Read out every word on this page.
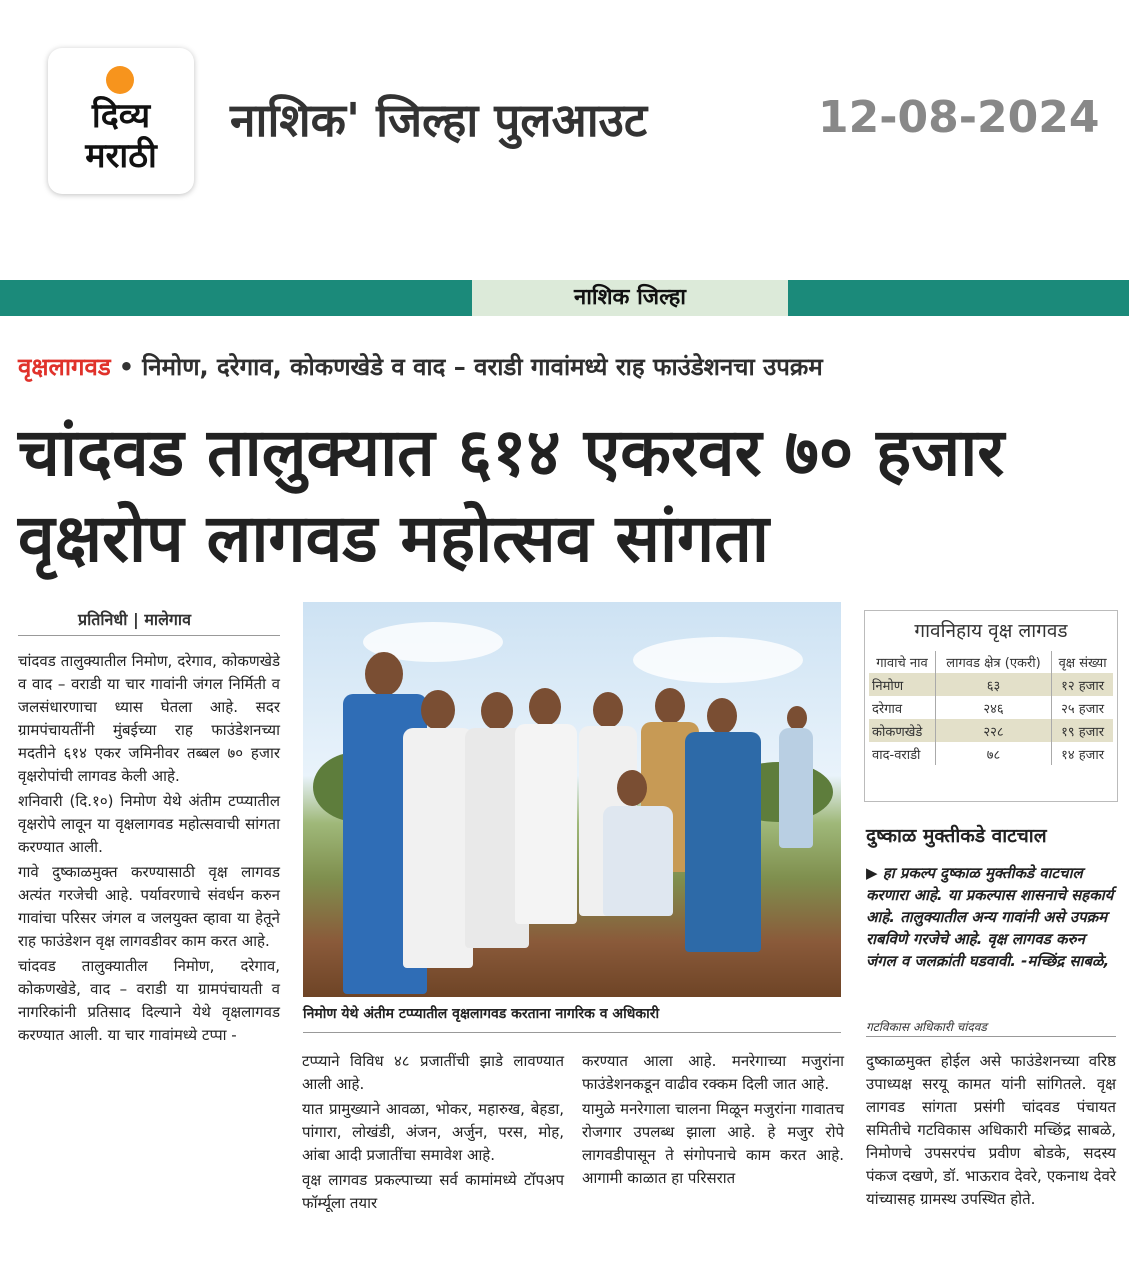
दिव्य
मराठी
नाशिक' जिल्हा पुलआउट	12-08-2024
नाशिक जिल्हा
वृक्षलागवड • निमोण, दरेगाव, कोकणखेडे व वाद – वराडी गावांमध्ये राह फाउंडेशनचा उपक्रम
चांदवड तालुक्यात ६१४ एकरवर ७० हजार वृक्षरोप लागवड महोत्सव सांगता
प्रतिनिधी | मालेगाव

चांदवड तालुक्यातील निमोण, दरेगाव, कोकणखेडे व वाद – वराडी या चार गावांनी जंगल निर्मिती व जलसंधारणाचा ध्यास घेतला आहे. सदर ग्रामपंचायतींनी मुंबईच्या राह फाउंडेशनच्या मदतीने ६१४ एकर जमिनीवर तब्बल ७० हजार वृक्षरोपांची लागवड केली आहे.

शनिवारी (दि.१०) निमोण येथे अंतीम टप्प्यातील वृक्षरोपे लावून या वृक्षलागवड महोत्सवाची सांगता करण्यात आली.

गावे दुष्काळमुक्त करण्यासाठी वृक्ष लागवड अत्यंत गरजेची आहे. पर्यावरणाचे संवर्धन करुन गावांचा परिसर जंगल व जलयुक्त व्हावा या हेतूने राह फाउंडेशन वृक्ष लागवडीवर काम करत आहे.

चांदवड तालुक्यातील निमोण, दरेगाव, कोकणखेडे, वाद – वराडी या ग्रामपंचायती व नागरिकांनी प्रतिसाद दिल्याने येथे वृक्षलागवड करण्यात आली. या चार गावांमध्ये टप्पा -

निमोण येथे अंतीम टप्प्यातील वृक्षलागवड करताना नागरिक व अधिकारी
गावनिहाय वृक्ष लागवड
गावाचे नाव	लागवड क्षेत्र (एकरी)	वृक्ष संख्या
निमोण	६३	१२ हजार
दरेगाव	२४६	२५ हजार
कोकणखेडे	२२८	१९ हजार
वाद-वराडी	७८	१४ हजार
दुष्काळ मुक्तीकडे वाटचाल
▶ हा प्रकल्प दुष्काळ मुक्तीकडे वाटचाल करणारा आहे. या प्रकल्पास शासनाचे सहकार्य आहे. तालुक्यातील अन्य गावांनी असे उपक्रम राबविणे गरजेचे आहे. वृक्ष लागवड करुन जंगल व जलक्रांती घडवावी. -मच्छिंद्र साबळे,
गटविकास अधिकारी चांदवड

टप्प्याने विविध ४८ प्रजातींची झाडे लावण्यात आली आहे.

यात प्रामुख्याने आवळा, भोकर, महारुख, बेहडा, पांगारा, लोखंडी, अंजन, अर्जुन, परस, मोह, आंबा आदी प्रजातींचा समावेश आहे.

वृक्ष लागवड प्रकल्पाच्या सर्व कामांमध्ये टॉपअप फॉर्म्यूला तयार

करण्यात आला आहे. मनरेगाच्या मजुरांना फाउंडेशनकडून वाढीव रक्कम दिली जात आहे.

यामुळे मनरेगाला चालना मिळून मजुरांना गावातच रोजगार उपलब्ध झाला आहे. हे मजुर रोपे लागवडीपासून ते संगोपनाचे काम करत आहे. आगामी काळात हा परिसरात

दुष्काळमुक्त होईल असे फाउंडेशनच्या वरिष्ठ उपाध्यक्ष सरयू कामत यांनी सांगितले. वृक्ष लागवड सांगता प्रसंगी चांदवड पंचायत समितीचे गटविकास अधिकारी मच्छिंद्र साबळे, निमोणचे उपसरपंच प्रवीण बोडके, सदस्य पंकज दखणे, डॉ. भाऊराव देवरे, एकनाथ देवरे यांच्यासह ग्रामस्थ उपस्थित होते.
